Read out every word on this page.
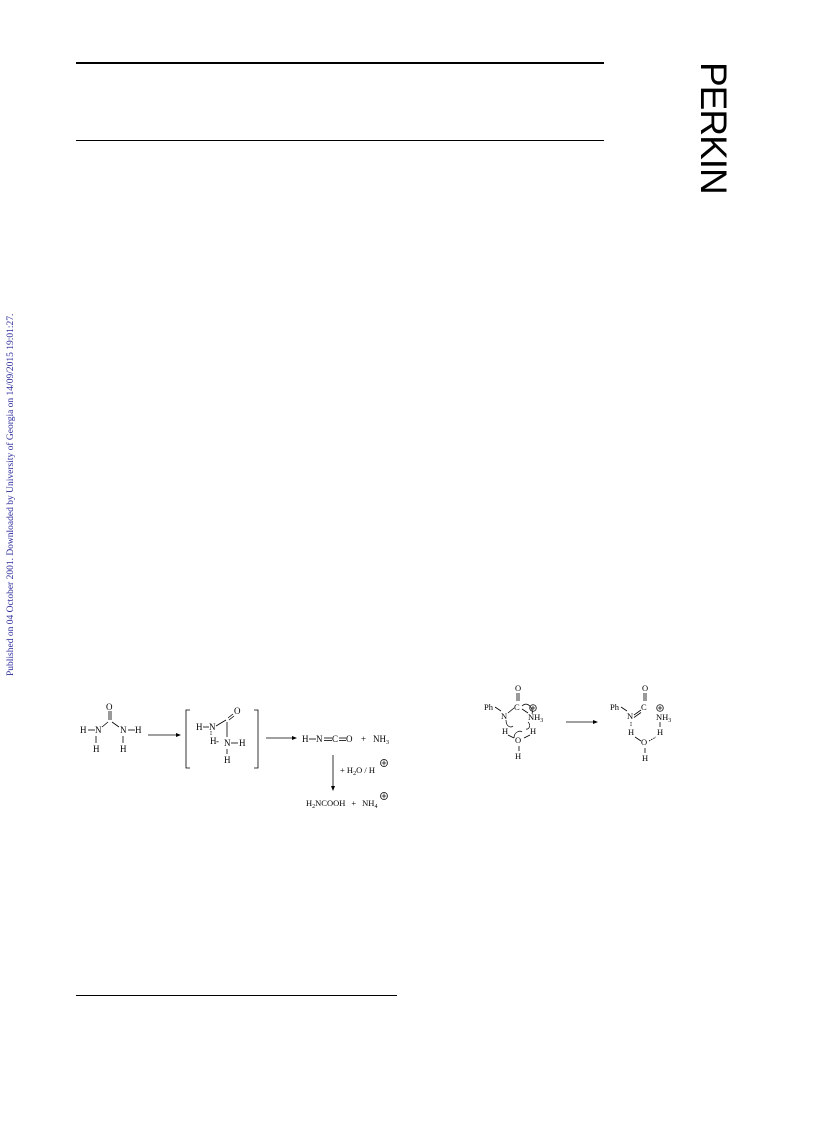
Published on 04 October 2001. Downloaded by University of Georgia on 14/09/2015 19:01:27.
PERKIN
H N
H
O
N H
H
H N
O
H - N H
H
H N C $O + NH_3$
+ $H_2O$ / H
$H_2NCOOH + NH_4$
Ph
N
C
O
$NH_3$
H	H
O
H
Ph
N
C
O
$NH_3$
H	H
O
H
